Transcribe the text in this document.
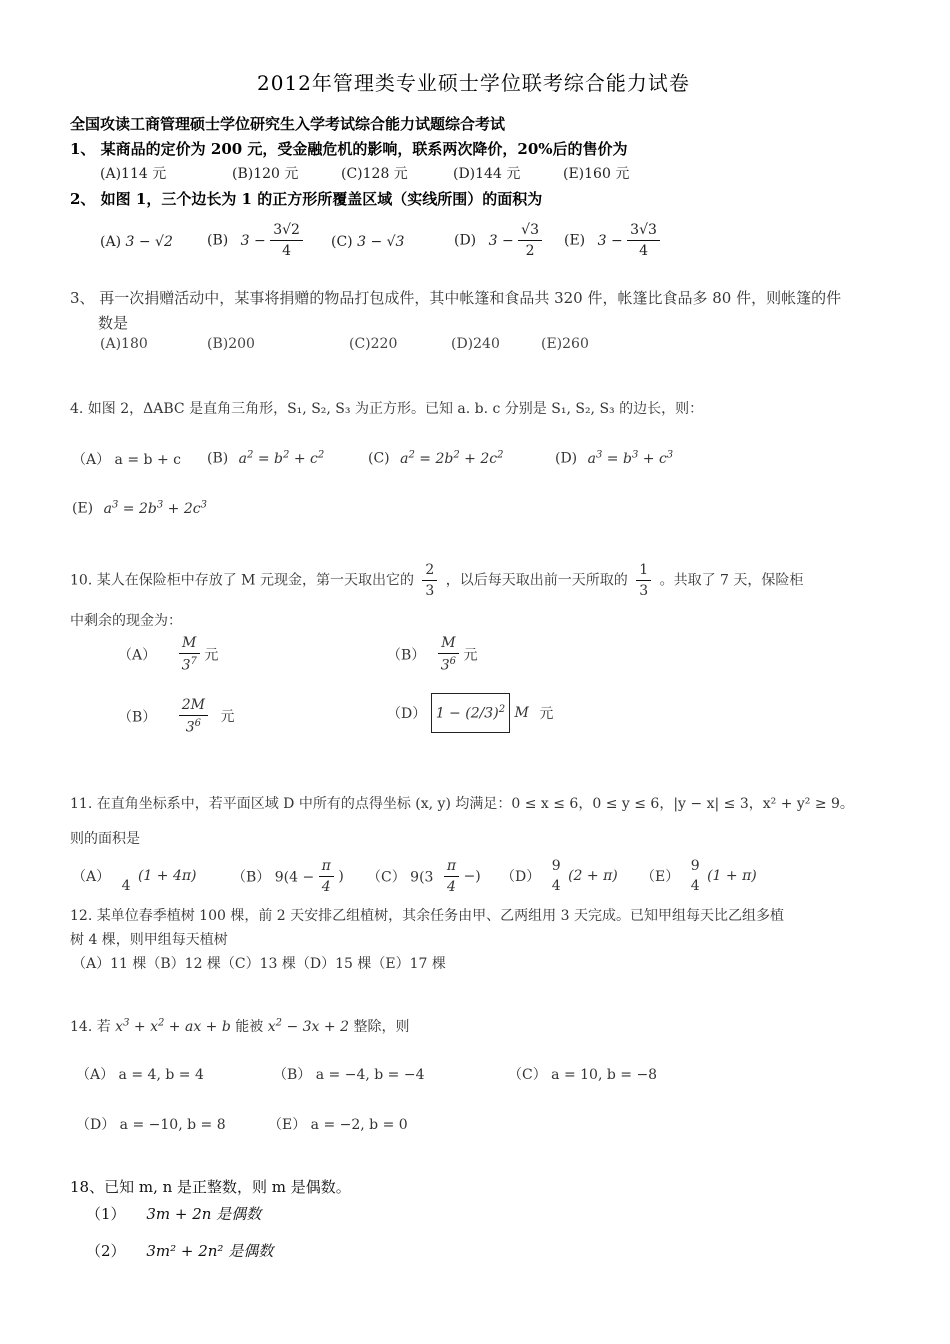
2012年管理类专业硕士学位联考综合能力试卷
全国攻读工商管理硕士学位研究生入学考试综合能力试题综合考试
1、 某商品的定价为 200 元，受金融危机的影响，联系两次降价，20%后的售价为
(A)114 元	(B)120 元	(C)128 元	(D)144 元	(E)160 元
2、 如图 1，三个边长为 1 的正方形所覆盖区域（实线所围）的面积为
(A) 3 − √2 (B) $3 - \frac{3√2}{4} (C) 3 - √3$	(D) $3 - \frac{√3}{2} (E) 3 - \frac{3√3}{4}$
3、 再一次捐赠活动中，某事将捐赠的物品打包成件，其中帐篷和食品共 320 件，帐篷比食品多 80 件，则帐篷的件
数是
(A)180	(B)200	(C)220	(D)240	(E)260
4. 如图 2，ΔABC 是直角三角形，S₁, S₂, S₃ 为正方形。已知 a. b. c 分别是 S₁, S₂, S₃ 的边长，则：
（A） a = b + c (B) $a^2 = b^2 + c^2$	(C) $a^2 = 2b^2 + 2c^2$	(D) $a^3 = b^3 + c^3$
(E) $a^3 = 2b^3 + 2c^3$
10. 某人在保险柜中存放了 M 元现金，第一天取出它的 $\frac{2}{3}$ ，以后每天取出前一天所取的 $\frac{1}{3}$ 。共取了 7 天，保险柜
中剩余的现金为：
$(A) \frac{M}{3^7}$ 元	$(B) \frac{M}{3^6}$ 元
$(B) \frac{2M}{3^6}$ 元	（D） $1 - (2/3)^2$ M 元
11. 在直角坐标系中，若平面区域 D 中所有的点得坐标 (x, y) 均满足：0 ≤ x ≤ 6，0 ≤ y ≤ 6，|y − x| ≤ 3，x² + y² ≥ 9。
则的面积是
（A）

4
(1 + 4π)	（B） $9(4 - \frac{\pi}{4}$ ) （C） $9(3 \frac{\pi}{4}$ −) （D）
9
4
(2 + π) （E）
9
4
(1 + π)
12. 某单位春季植树 100 棵，前 2 天安排乙组植树，其余任务由甲、乙两组用 3 天完成。已知甲组每天比乙组多植
树 4 棵，则甲组每天植树
（A）11 棵（B）12 棵（C）13 棵（D）15 棵（E）17 棵
14. 若 $x^3 + x^2$ + ax + b 能被 $x^2 - 3x + 2$ 整除，则
（A） a = 4, b = 4	（B） a = −4, b = −4	（C） a = 10, b = −8
（D） a = −10, b = 8	（E） a = −2, b = 0
18、已知 m, n 是正整数，则 m 是偶数。
（1） 3m + 2n 是偶数
（2） 3m² + 2n² 是偶数
